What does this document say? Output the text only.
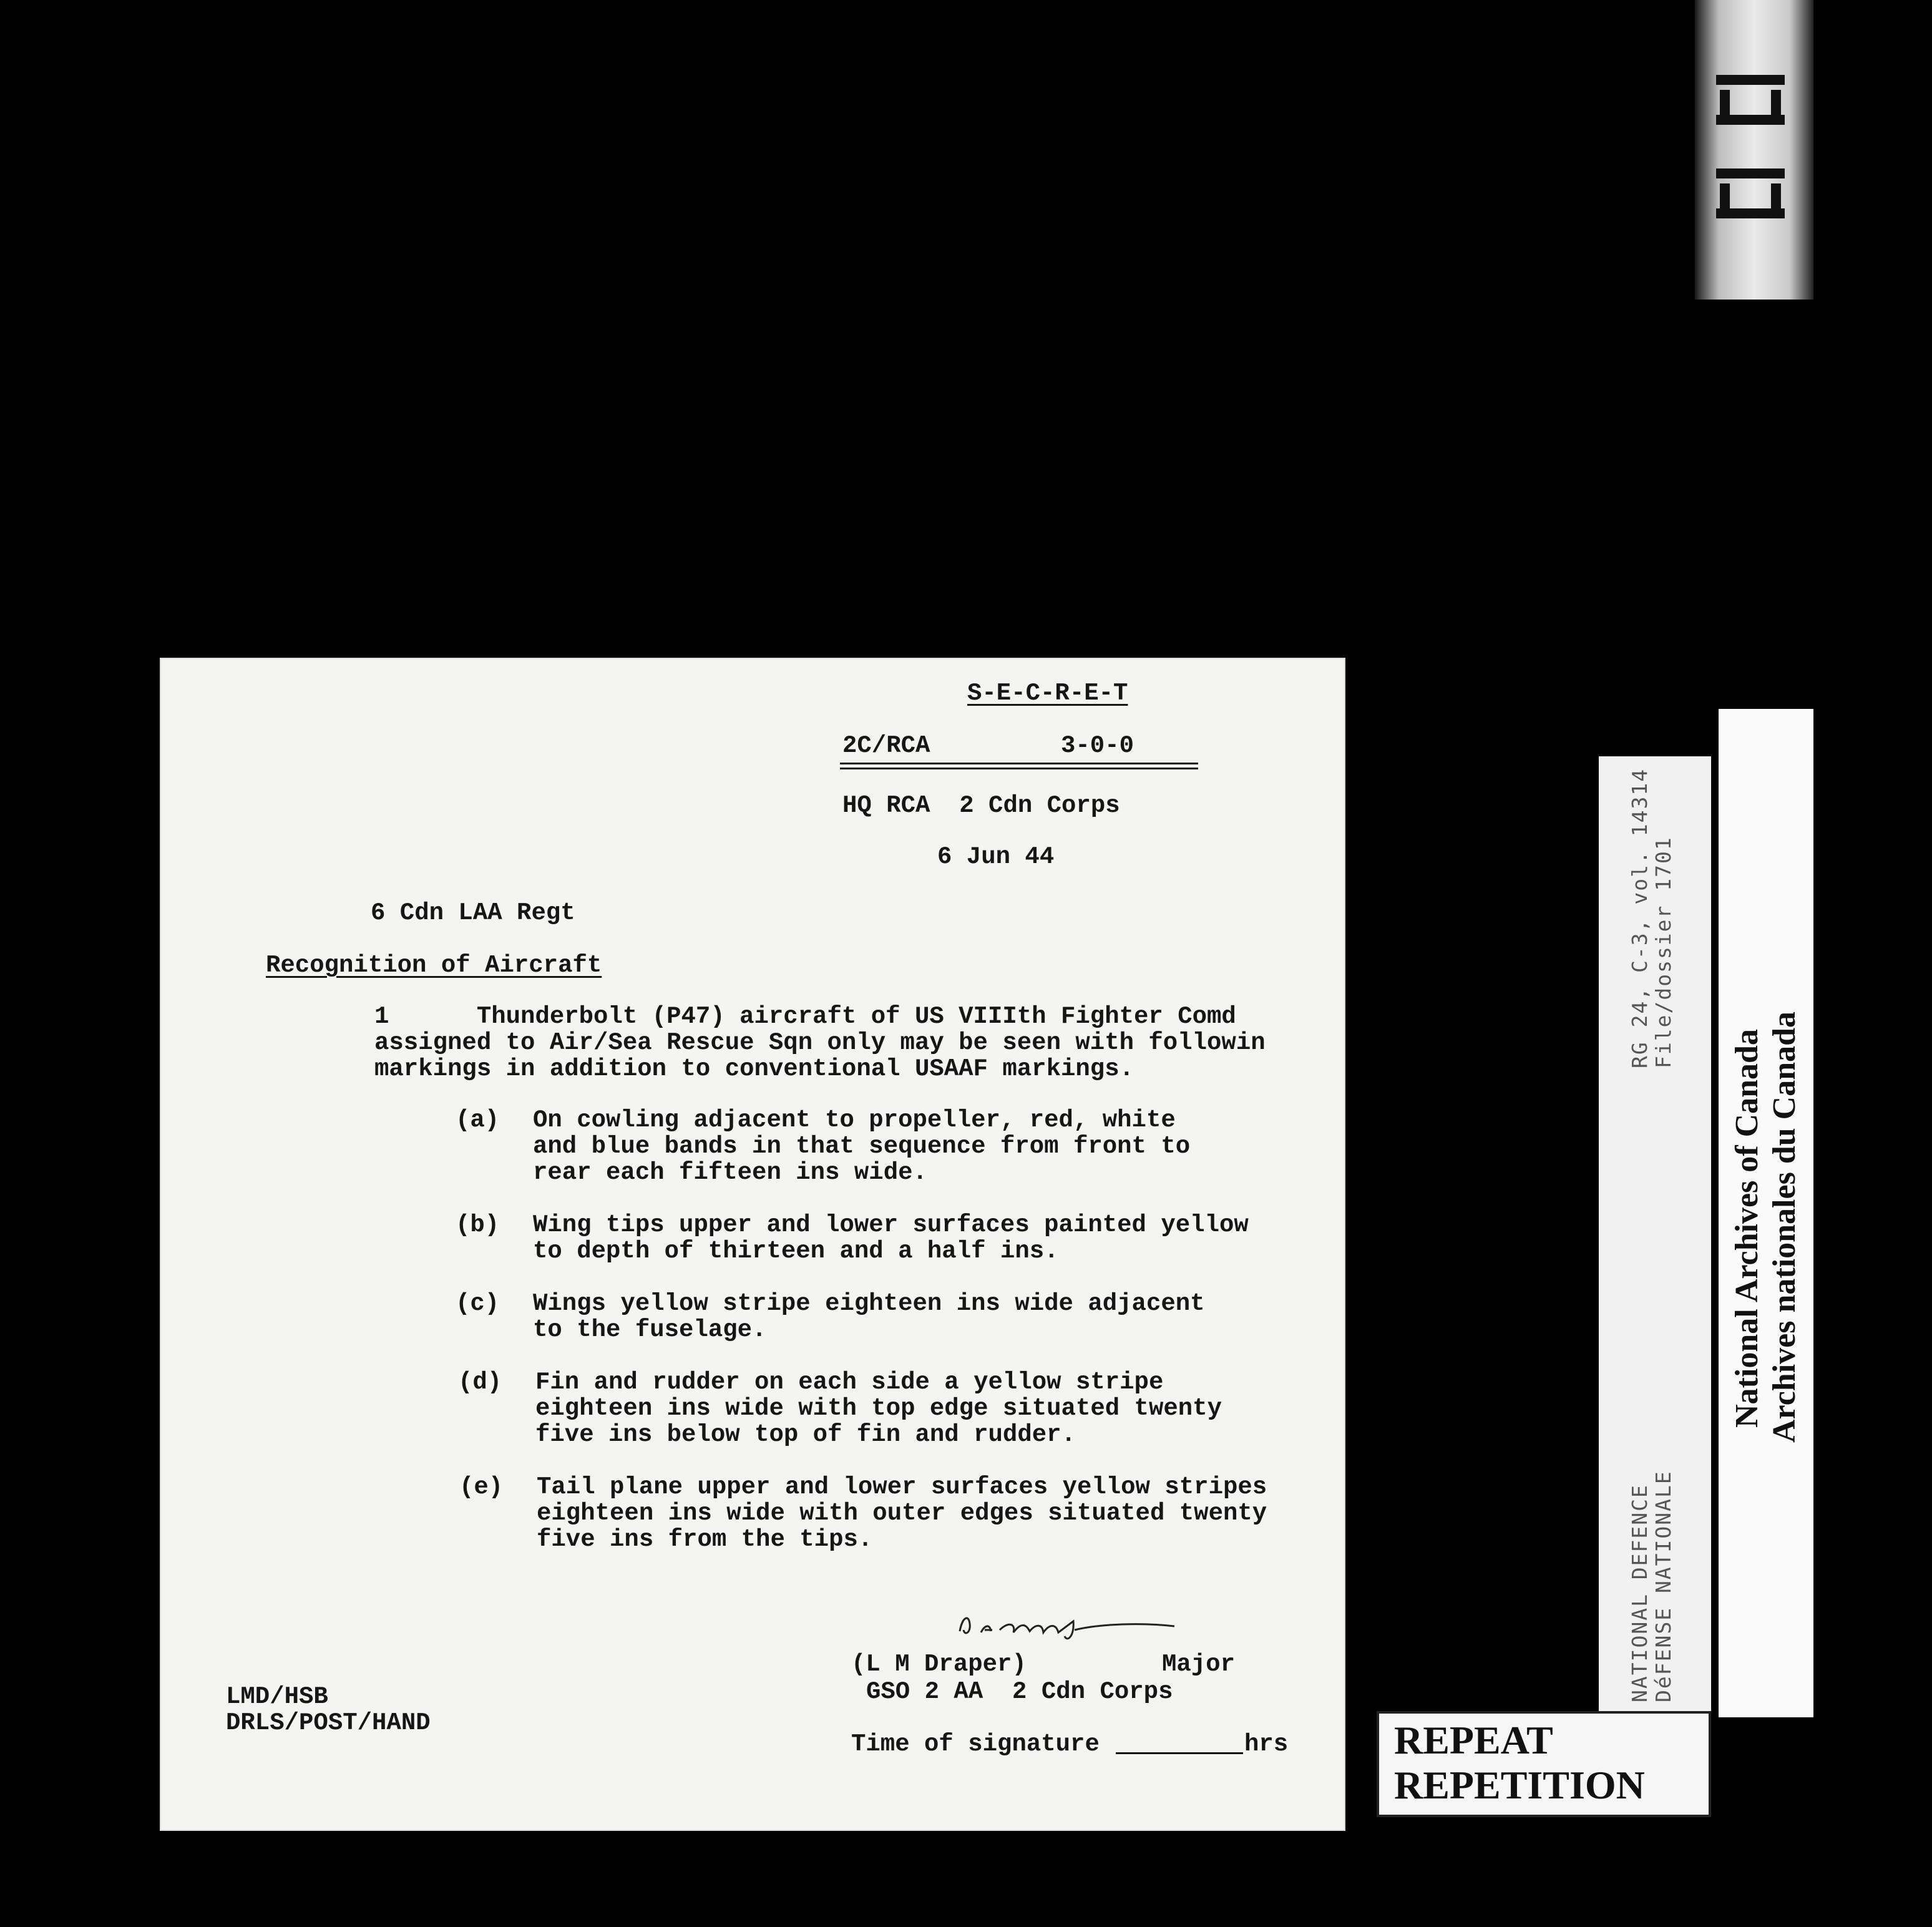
S-E-C-R-E-T
2C/RCA	3-0-0
HQ RCA  2 Cdn Corps
6 Jun 44
6 Cdn LAA Regt
Recognition of Aircraft
1      Thunderbolt (P47) aircraft of US VIIIth Fighter Comd
assigned to Air/Sea Rescue Sqn only may be seen with followin
markings in addition to conventional USAAF markings.
(a) On cowling adjacent to propeller, red, white
and blue bands in that sequence from front to
rear each fifteen ins wide.
(b) Wing tips upper and lower surfaces painted yellow
to depth of thirteen and a half ins.
(c) Wings yellow stripe eighteen ins wide adjacent
to the fuselage.
(d) Fin and rudder on each side a yellow stripe
eighteen ins wide with top edge situated twenty
five ins below top of fin and rudder.
(e) Tail plane upper and lower surfaces yellow stripes
eighteen ins wide with outer edges situated twenty
five ins from the tips.
(L M Draper)	Major
GSO 2 AA  2 Cdn Corps
LMD/HSB
DRLS/POST/HAND
Time of signature	hrs
RG 24, C-3, vol. 14314 File/dossier 1701
NATIONAL DEFENCE DéFENSE NATIONALE
National Archives of Canada Archives nationales du Canada
REPEAT
REPETITION
